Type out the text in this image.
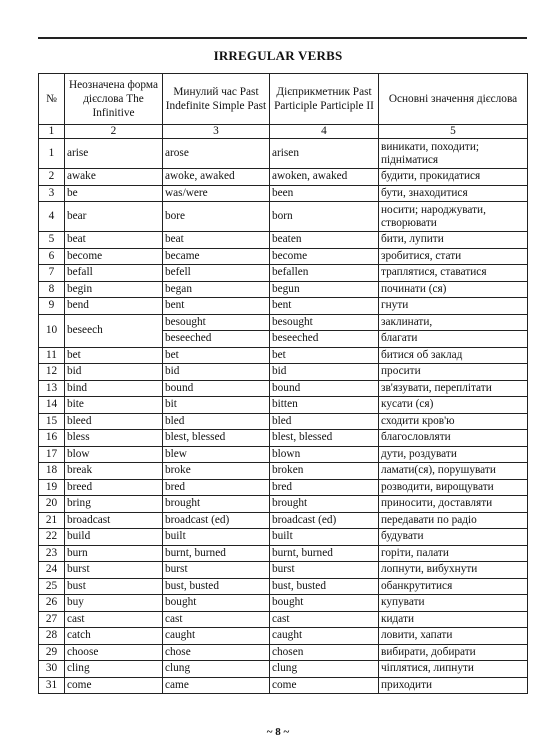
IRREGULAR VERBS
№	Неозначена форма дієслова The Infinitive	Минулий час Past Indefinite Simple Past	Дієприкметник Past Participle Participle II	Основні значення дієслова
1	2	3	4	5
1	arise	arose	arisen	виникати, походити; підніматися
2	awake	awoke, awaked	awoken, awaked	будити, прокидатися
3	be	was/were	been	бути, знаходитися
4	bear	bore	born	носити; народжувати, створювати
5	beat	beat	beaten	бити, лупити
6	become	became	become	зробитися, стати
7	befall	befell	befallen	траплятися, ставатися
8	begin	began	begun	починати (ся)
9	bend	bent	bent	гнути
10	beseech	besought	besought	заклинати,
		beseeched	beseeched	благати
11	bet	bet	bet	битися об заклад
12	bid	bid	bid	просити
13	bind	bound	bound	зв'язувати, переплітати
14	bite	bit	bitten	кусати (ся)
15	bleed	bled	bled	сходити кров'ю
16	bless	blest, blessed	blest, blessed	благословляти
17	blow	blew	blown	дути, роздувати
18	break	broke	broken	ламати(ся), порушувати
19	breed	bred	bred	розводити, вирощувати
20	bring	brought	brought	приносити, доставляти
21	broadcast	broadcast (ed)	broadcast (ed)	передавати по радіо
22	build	built	built	будувати
23	burn	burnt, burned	burnt, burned	горіти, палати
24	burst	burst	burst	лопнути, вибухнути
25	bust	bust, busted	bust, busted	обанкрутитися
26	buy	bought	bought	купувати
27	cast	cast	cast	кидати
28	catch	caught	caught	ловити, хапати
29	choose	chose	chosen	вибирати, добирати
30	cling	clung	clung	чіплятися, липнути
31	come	came	come	приходити
~ 8 ~
